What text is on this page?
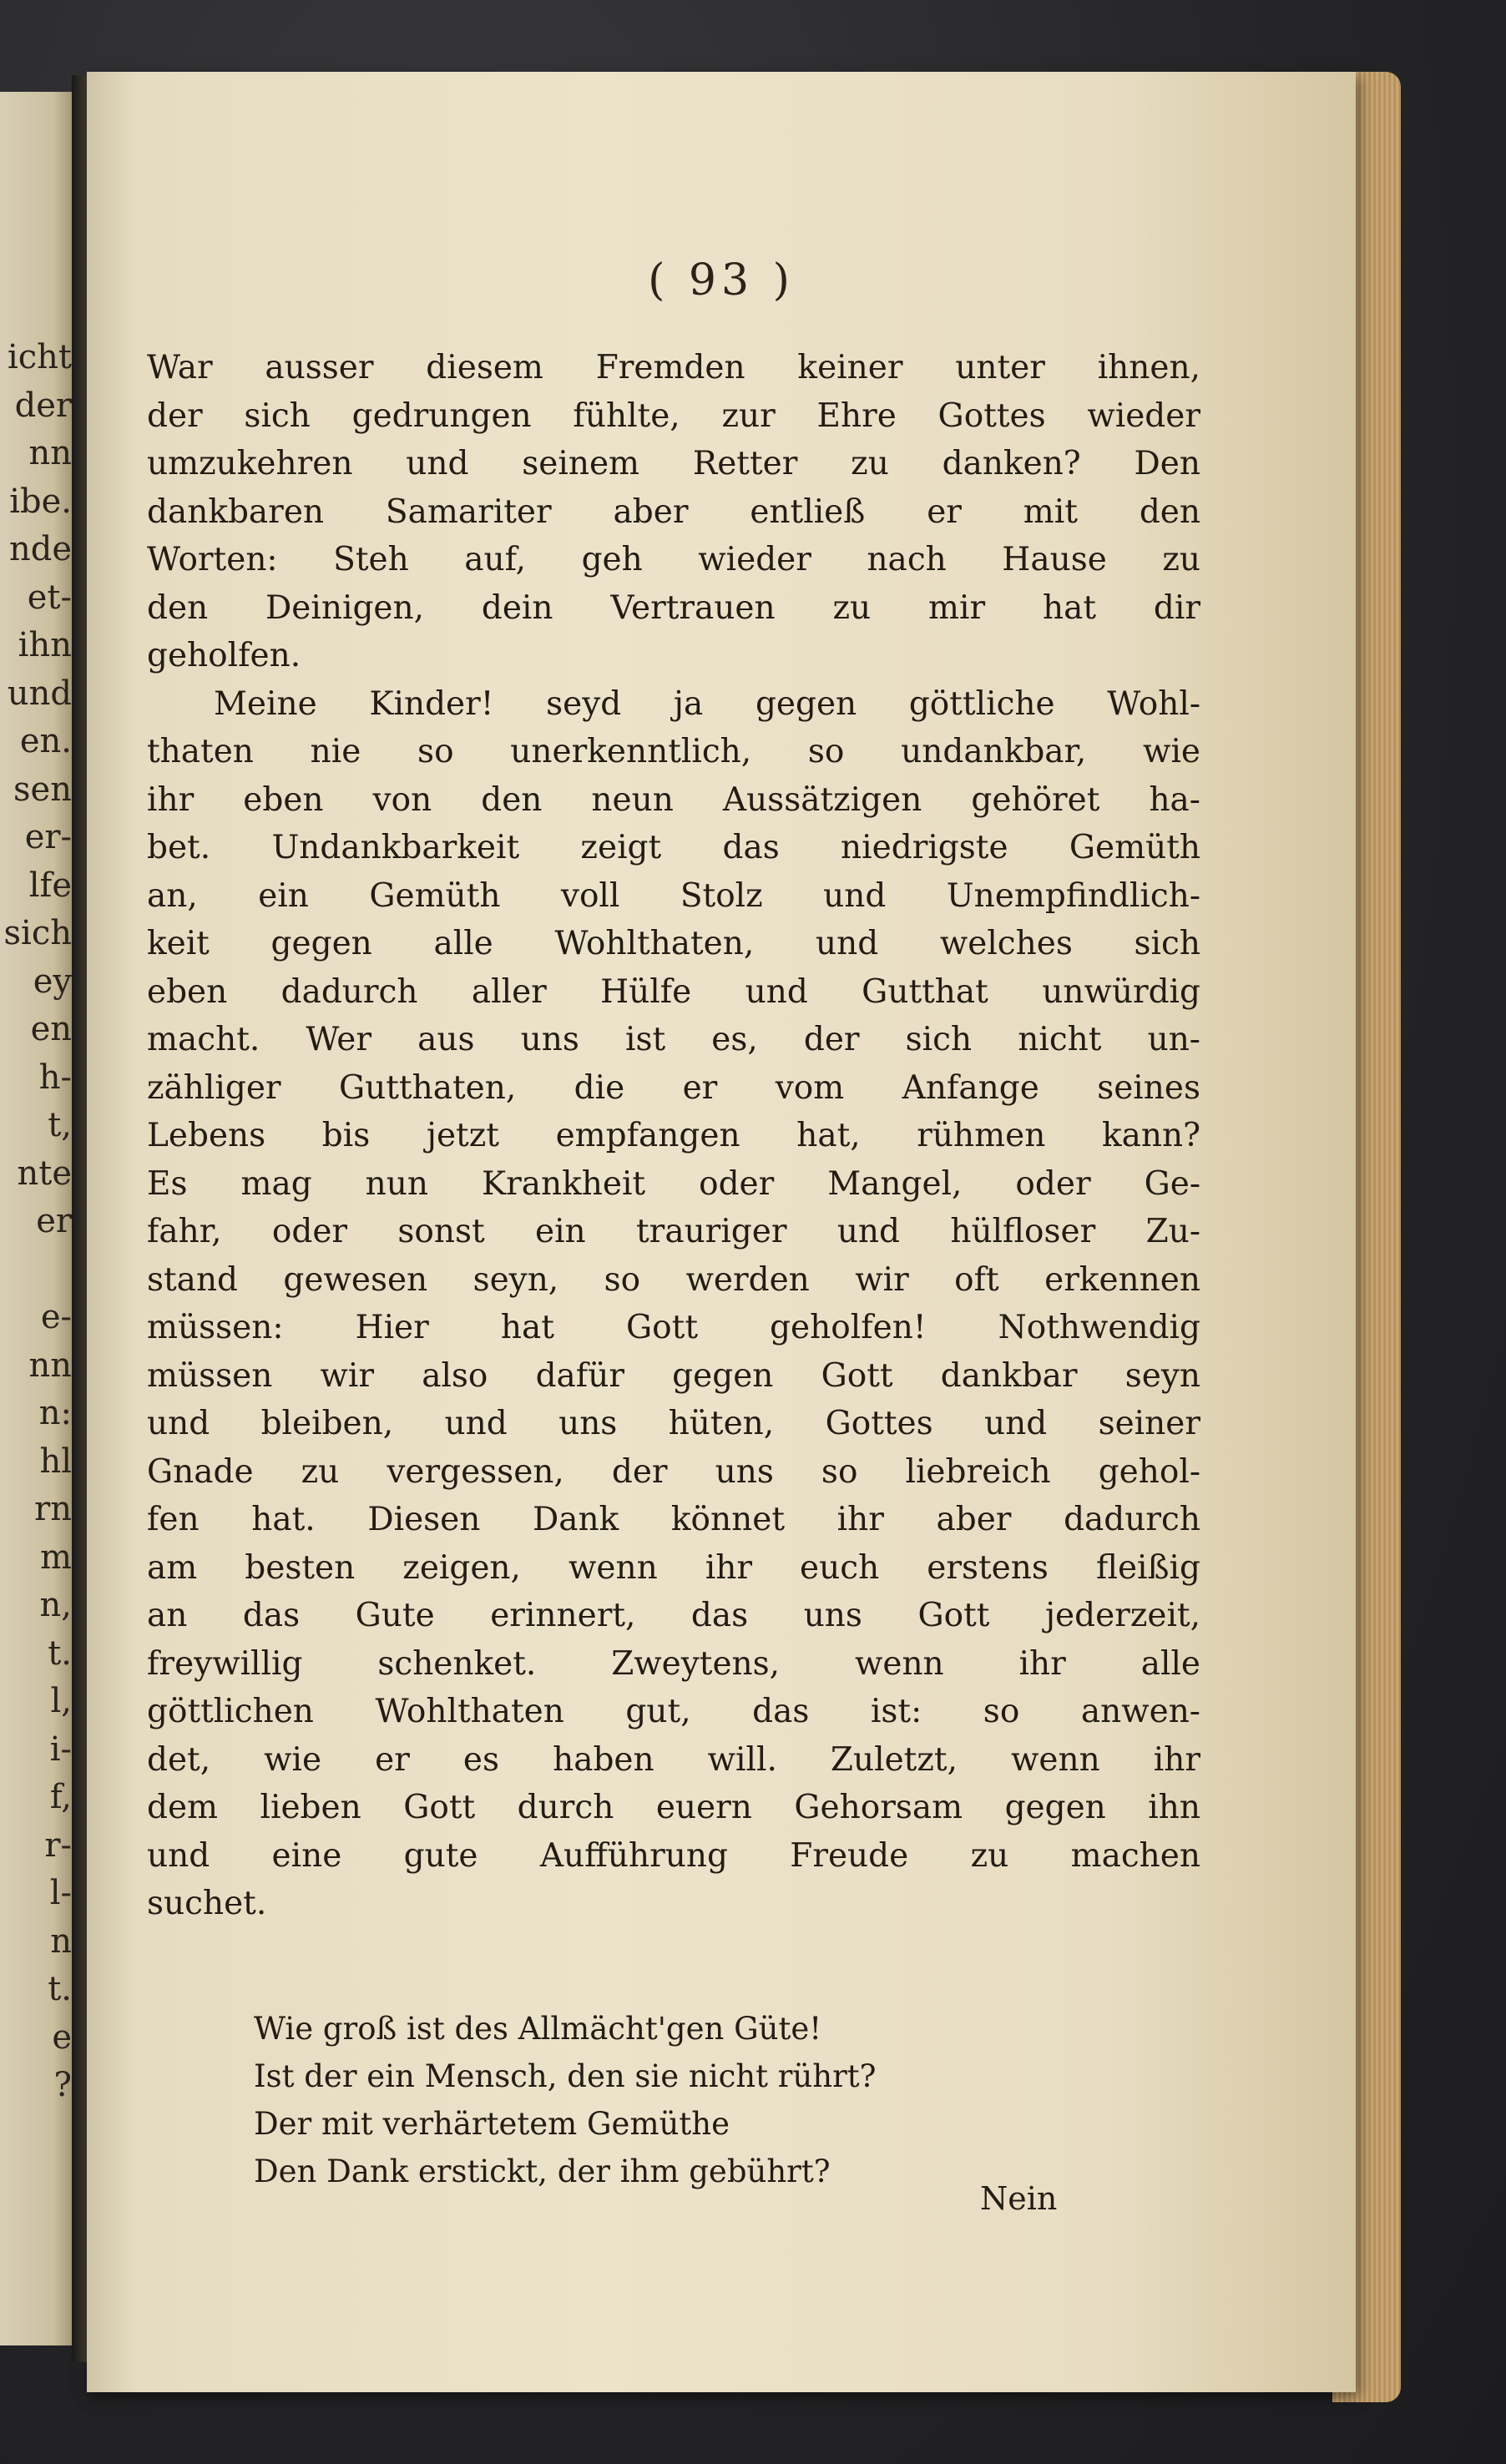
icht
der
nn
ibe.
nde
et-
ihn
und
en.
sen
er-
lfe
sich
ey
en
h-
t,
nte
er
e-
nn
n:
hl
rn
m
n,
t.
l,
i-
f,
r-
l-
n
t.
e
?
( 93 )
War ausser diesem Fremden keiner unter ihnen,
der sich gedrungen fühlte, zur Ehre Gottes wieder
umzukehren und seinem Retter zu danken? Den
dankbaren Samariter aber entließ er mit den
Worten: Steh auf, geh wieder nach Hause zu
den Deinigen, dein Vertrauen zu mir hat dir
geholfen.
Meine Kinder! seyd ja gegen göttliche Wohl-
thaten nie so unerkenntlich, so undankbar, wie
ihr eben von den neun Aussätzigen gehöret ha-
bet. Undankbarkeit zeigt das niedrigste Gemüth
an, ein Gemüth voll Stolz und Unempfindlich-
keit gegen alle Wohlthaten, und welches sich
eben dadurch aller Hülfe und Gutthat unwürdig
macht. Wer aus uns ist es, der sich nicht un-
zähliger Gutthaten, die er vom Anfange seines
Lebens bis jetzt empfangen hat, rühmen kann?
Es mag nun Krankheit oder Mangel, oder Ge-
fahr, oder sonst ein trauriger und hülfloser Zu-
stand gewesen seyn, so werden wir oft erkennen
müssen: Hier hat Gott geholfen! Nothwendig
müssen wir also dafür gegen Gott dankbar seyn
und bleiben, und uns hüten, Gottes und seiner
Gnade zu vergessen, der uns so liebreich gehol-
fen hat. Diesen Dank könnet ihr aber dadurch
am besten zeigen, wenn ihr euch erstens fleißig
an das Gute erinnert, das uns Gott jederzeit,
freywillig schenket. Zweytens, wenn ihr alle
göttlichen Wohlthaten gut, das ist: so anwen-
det, wie er es haben will. Zuletzt, wenn ihr
dem lieben Gott durch euern Gehorsam gegen ihn
und eine gute Aufführung Freude zu machen
suchet.
Wie groß ist des Allmächt'gen Güte!
Ist der ein Mensch, den sie nicht rührt?
Der mit verhärtetem Gemüthe
Den Dank erstickt, der ihm gebührt?
Nein
